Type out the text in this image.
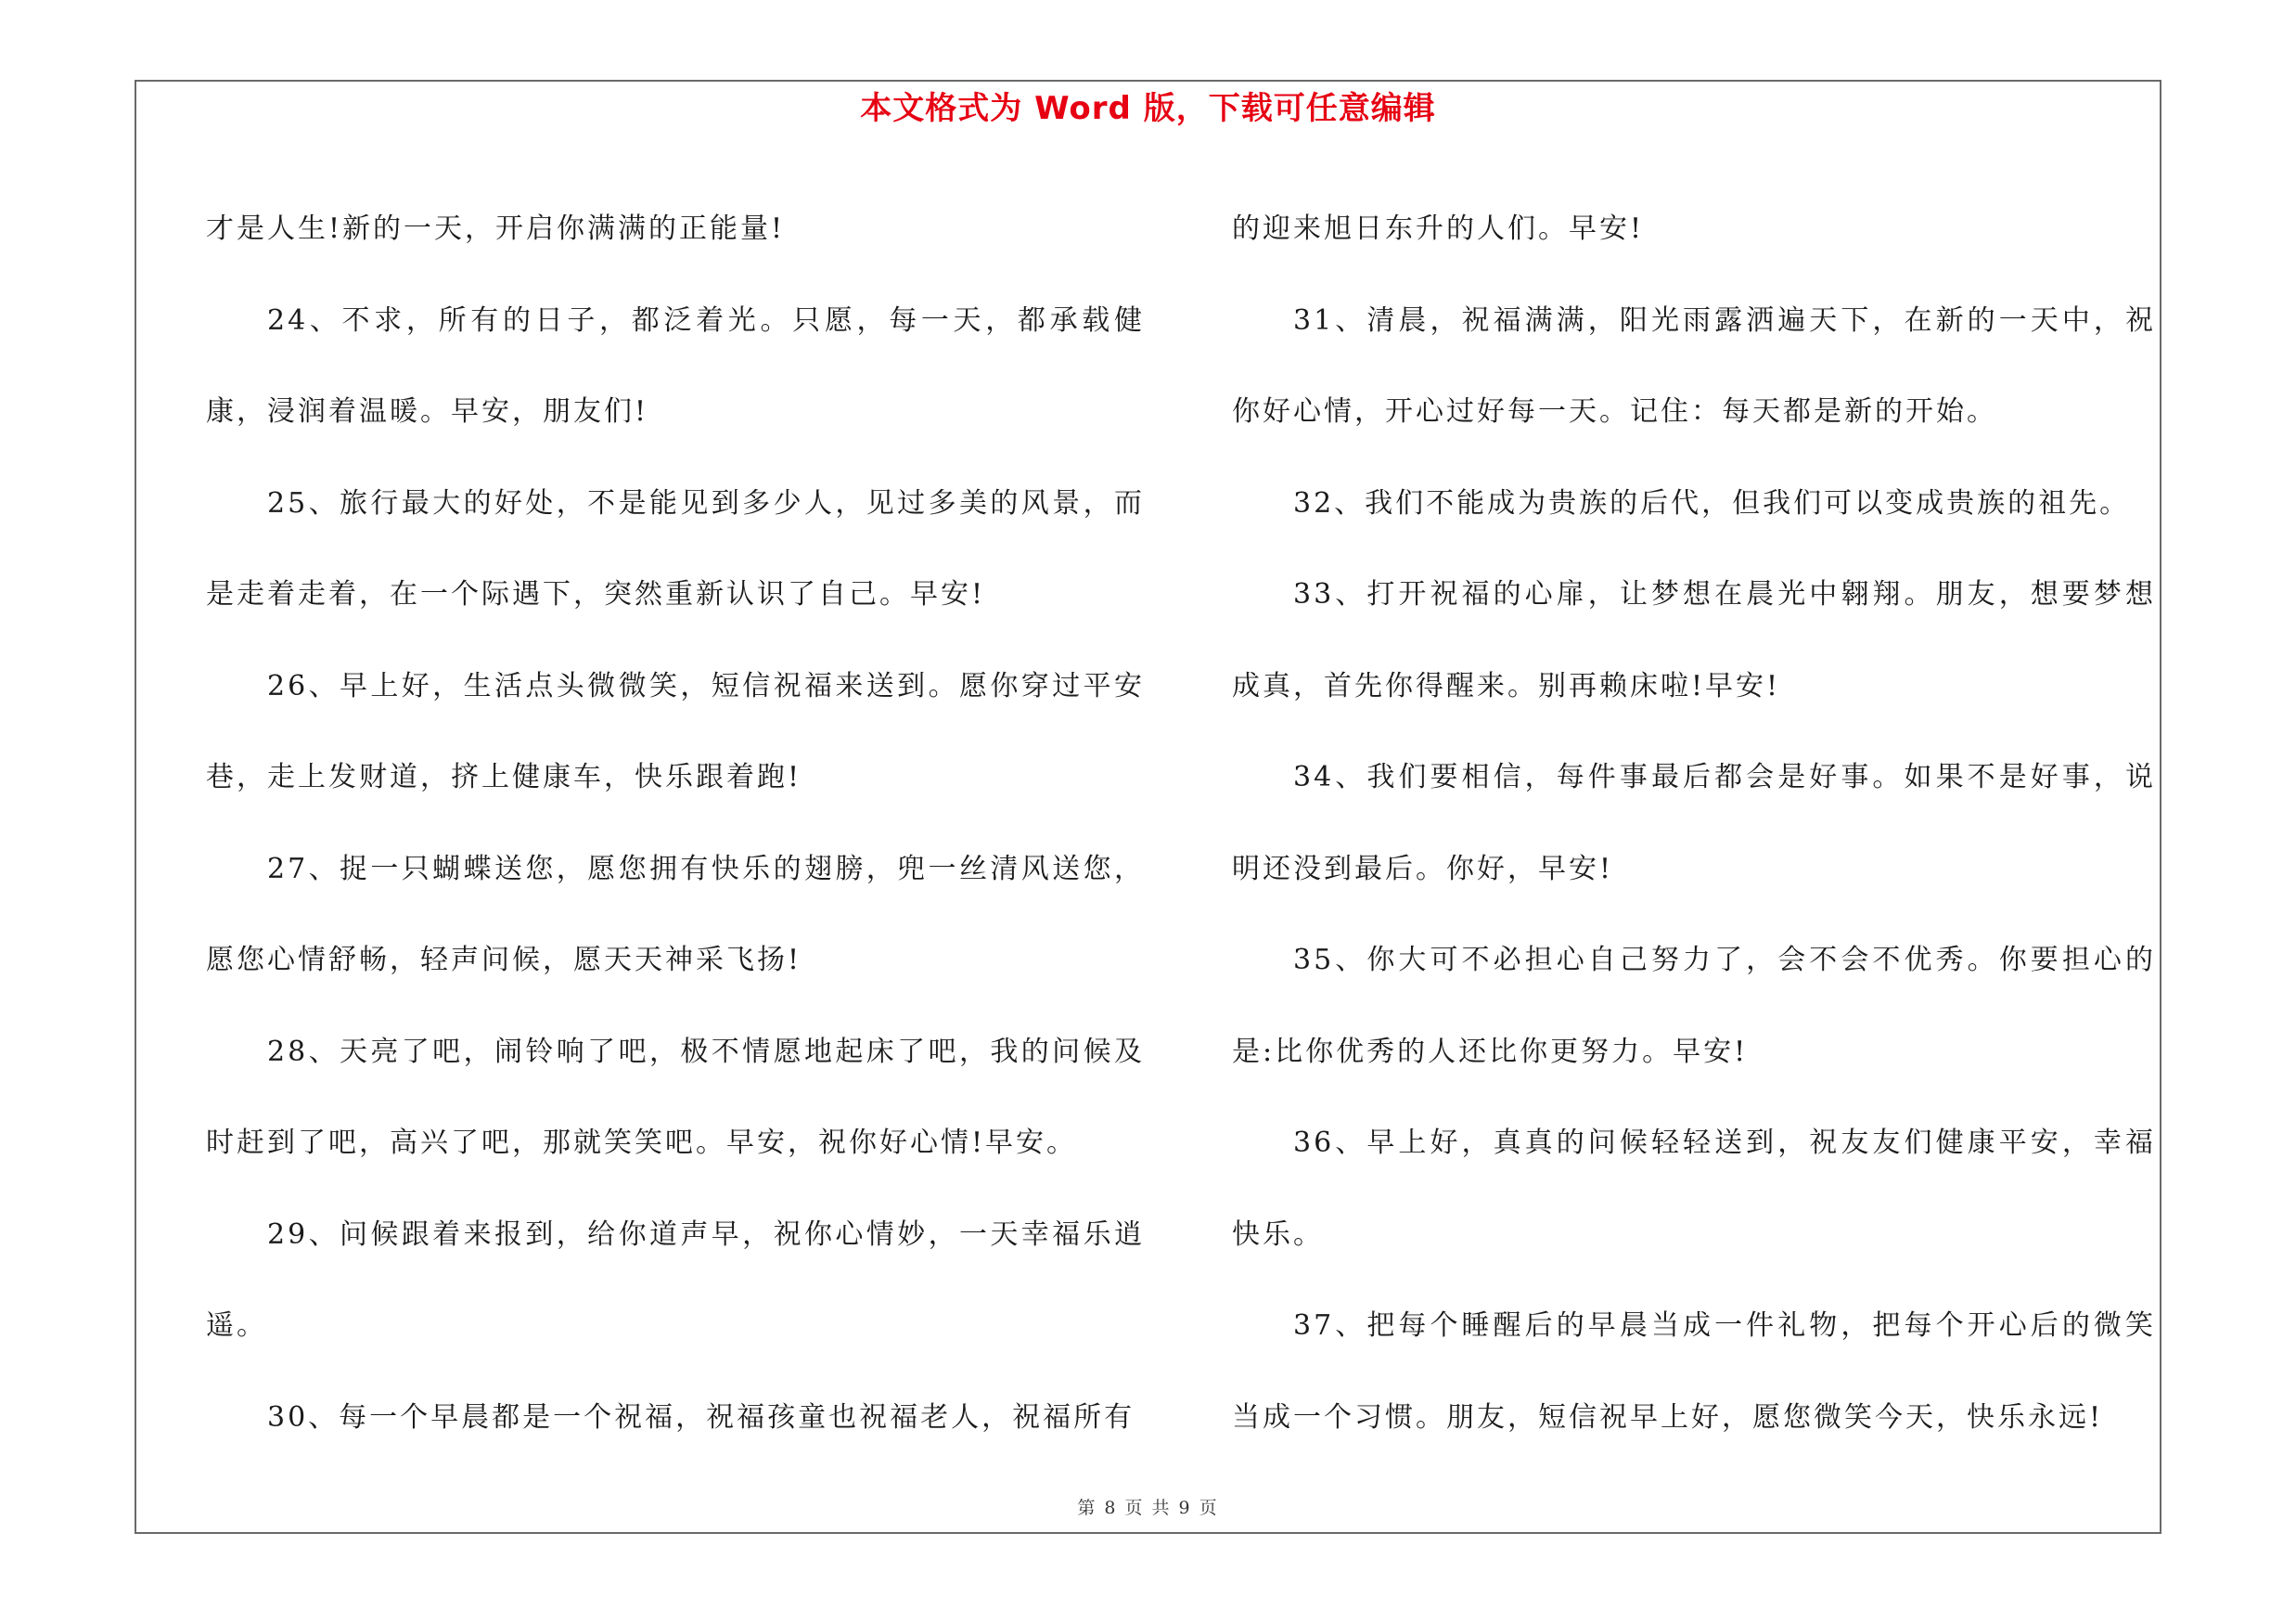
本文格式为 Word 版，下载可任意编辑

才是人生!新的一天，开启你满满的正能量!

24、不求，所有的日子，都泛着光。只愿，每一天，都承载健康，浸润着温暖。早安，朋友们!

25、旅行最大的好处，不是能见到多少人，见过多美的风景，而是走着走着，在一个际遇下，突然重新认识了自己。早安!

26、早上好，生活点头微微笑，短信祝福来送到。愿你穿过平安巷，走上发财道，挤上健康车，快乐跟着跑!

27、捉一只蝴蝶送您，愿您拥有快乐的翅膀，兜一丝清风送您，愿您心情舒畅，轻声问候，愿天天神采飞扬!

28、天亮了吧，闹铃响了吧，极不情愿地起床了吧，我的问候及时赶到了吧，高兴了吧，那就笑笑吧。早安，祝你好心情!早安。

29、问候跟着来报到，给你道声早，祝你心情妙，一天幸福乐逍遥。

30、每一个早晨都是一个祝福，祝福孩童也祝福老人，祝福所有

的迎来旭日东升的人们。早安!

31、清晨，祝福满满，阳光雨露洒遍天下，在新的一天中，祝你好心情，开心过好每一天。记住：每天都是新的开始。

32、我们不能成为贵族的后代，但我们可以变成贵族的祖先。

33、打开祝福的心扉，让梦想在晨光中翱翔。朋友，想要梦想成真，首先你得醒来。别再赖床啦!早安!

34、我们要相信，每件事最后都会是好事。如果不是好事，说明还没到最后。你好，早安!

35、你大可不必担心自己努力了，会不会不优秀。你要担心的是:比你优秀的人还比你更努力。早安!

36、早上好，真真的问候轻轻送到，祝友友们健康平安，幸福快乐。

37、把每个睡醒后的早晨当成一件礼物，把每个开心后的微笑当成一个习惯。朋友，短信祝早上好，愿您微笑今天，快乐永远!

第 8 页 共 9 页
